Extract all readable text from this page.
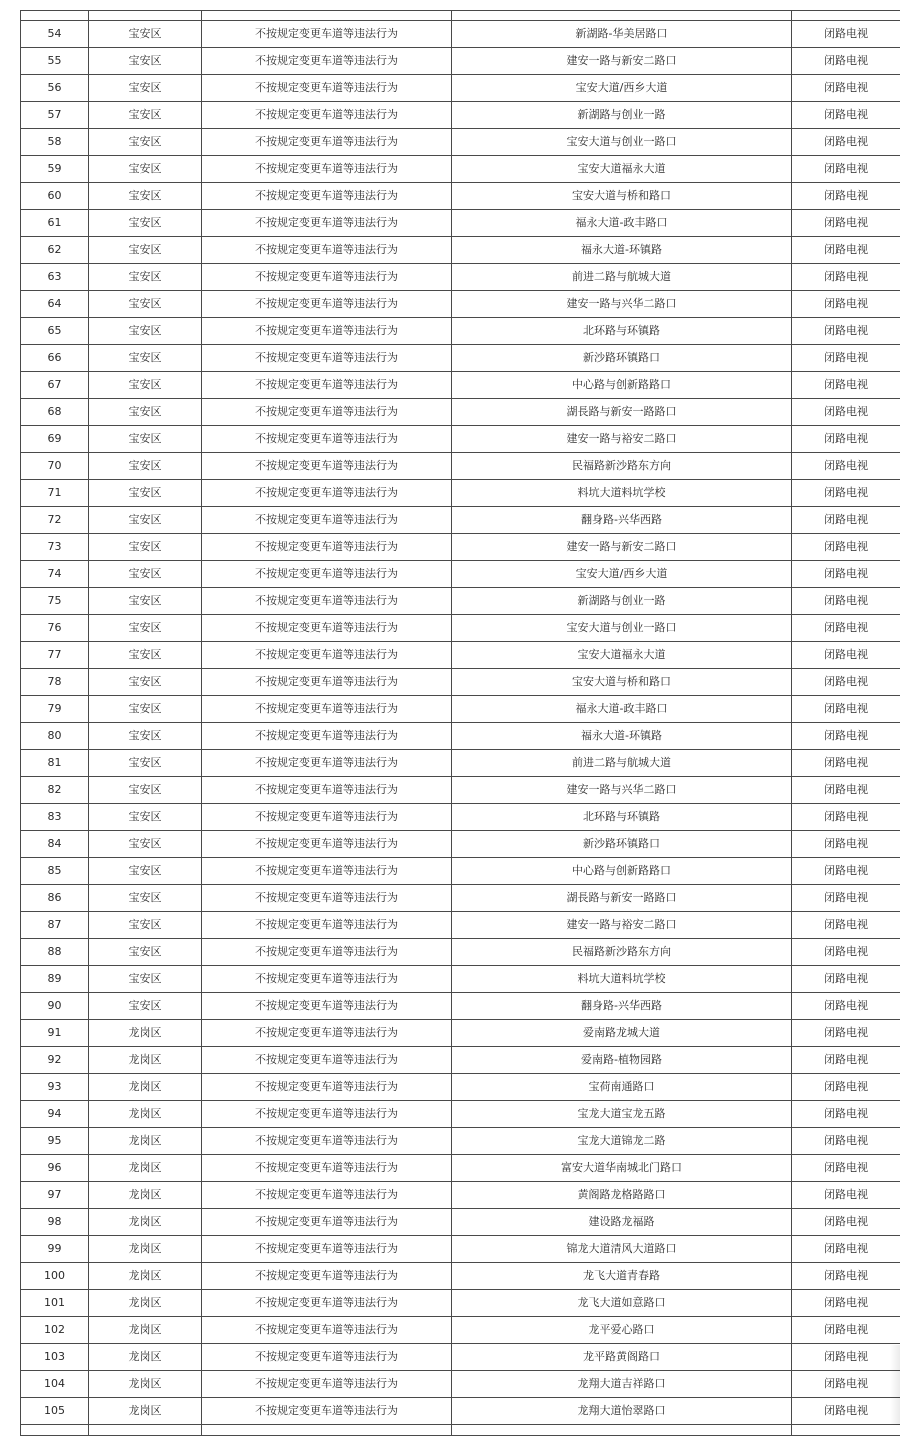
54	宝安区	不按规定变更车道等违法行为	新湖路-华美居路口	闭路电视
55	宝安区	不按规定变更车道等违法行为	建安一路与新安二路口	闭路电视
56	宝安区	不按规定变更车道等违法行为	宝安大道/西乡大道	闭路电视
57	宝安区	不按规定变更车道等违法行为	新湖路与创业一路	闭路电视
58	宝安区	不按规定变更车道等违法行为	宝安大道与创业一路口	闭路电视
59	宝安区	不按规定变更车道等违法行为	宝安大道福永大道	闭路电视
60	宝安区	不按规定变更车道等违法行为	宝安大道与桥和路口	闭路电视
61	宝安区	不按规定变更车道等违法行为	福永大道-政丰路口	闭路电视
62	宝安区	不按规定变更车道等违法行为	福永大道-环镇路	闭路电视
63	宝安区	不按规定变更车道等违法行为	前进二路与航城大道	闭路电视
64	宝安区	不按规定变更车道等违法行为	建安一路与兴华二路口	闭路电视
65	宝安区	不按规定变更车道等违法行为	北环路与环镇路	闭路电视
66	宝安区	不按规定变更车道等违法行为	新沙路环镇路口	闭路电视
67	宝安区	不按规定变更车道等违法行为	中心路与创新路路口	闭路电视
68	宝安区	不按规定变更车道等违法行为	湖長路与新安一路路口	闭路电视
69	宝安区	不按规定变更车道等违法行为	建安一路与裕安二路口	闭路电视
70	宝安区	不按规定变更车道等违法行为	民福路新沙路东方向	闭路电视
71	宝安区	不按规定变更车道等违法行为	料坑大道料坑学校	闭路电视
72	宝安区	不按规定变更车道等违法行为	翻身路-兴华西路	闭路电视
73	宝安区	不按规定变更车道等违法行为	建安一路与新安二路口	闭路电视
74	宝安区	不按规定变更车道等违法行为	宝安大道/西乡大道	闭路电视
75	宝安区	不按规定变更车道等违法行为	新湖路与创业一路	闭路电视
76	宝安区	不按规定变更车道等违法行为	宝安大道与创业一路口	闭路电视
77	宝安区	不按规定变更车道等违法行为	宝安大道福永大道	闭路电视
78	宝安区	不按规定变更车道等违法行为	宝安大道与桥和路口	闭路电视
79	宝安区	不按规定变更车道等违法行为	福永大道-政丰路口	闭路电视
80	宝安区	不按规定变更车道等违法行为	福永大道-环镇路	闭路电视
81	宝安区	不按规定变更车道等违法行为	前进二路与航城大道	闭路电视
82	宝安区	不按规定变更车道等违法行为	建安一路与兴华二路口	闭路电视
83	宝安区	不按规定变更车道等违法行为	北环路与环镇路	闭路电视
84	宝安区	不按规定变更车道等违法行为	新沙路环镇路口	闭路电视
85	宝安区	不按规定变更车道等违法行为	中心路与创新路路口	闭路电视
86	宝安区	不按规定变更车道等违法行为	湖長路与新安一路路口	闭路电视
87	宝安区	不按规定变更车道等违法行为	建安一路与裕安二路口	闭路电视
88	宝安区	不按规定变更车道等违法行为	民福路新沙路东方向	闭路电视
89	宝安区	不按规定变更车道等违法行为	料坑大道料坑学校	闭路电视
90	宝安区	不按规定变更车道等违法行为	翻身路-兴华西路	闭路电视
91	龙岗区	不按规定变更车道等违法行为	爱南路龙城大道	闭路电视
92	龙岗区	不按规定变更车道等违法行为	爱南路-植物园路	闭路电视
93	龙岗区	不按规定变更车道等违法行为	宝荷南通路口	闭路电视
94	龙岗区	不按规定变更车道等违法行为	宝龙大道宝龙五路	闭路电视
95	龙岗区	不按规定变更车道等违法行为	宝龙大道锦龙二路	闭路电视
96	龙岗区	不按规定变更车道等违法行为	富安大道华南城北门路口	闭路电视
97	龙岗区	不按规定变更车道等违法行为	黄阁路龙格路路口	闭路电视
98	龙岗区	不按规定变更车道等违法行为	建设路龙福路	闭路电视
99	龙岗区	不按规定变更车道等违法行为	锦龙大道清风大道路口	闭路电视
100	龙岗区	不按规定变更车道等违法行为	龙飞大道青春路	闭路电视
101	龙岗区	不按规定变更车道等违法行为	龙飞大道如意路口	闭路电视
102	龙岗区	不按规定变更车道等违法行为	龙平爱心路口	闭路电视
103	龙岗区	不按规定变更车道等违法行为	龙平路黄阁路口	闭路电视
104	龙岗区	不按规定变更车道等违法行为	龙翔大道吉祥路口	闭路电视
105	龙岗区	不按规定变更车道等违法行为	龙翔大道怡翠路口	闭路电视
